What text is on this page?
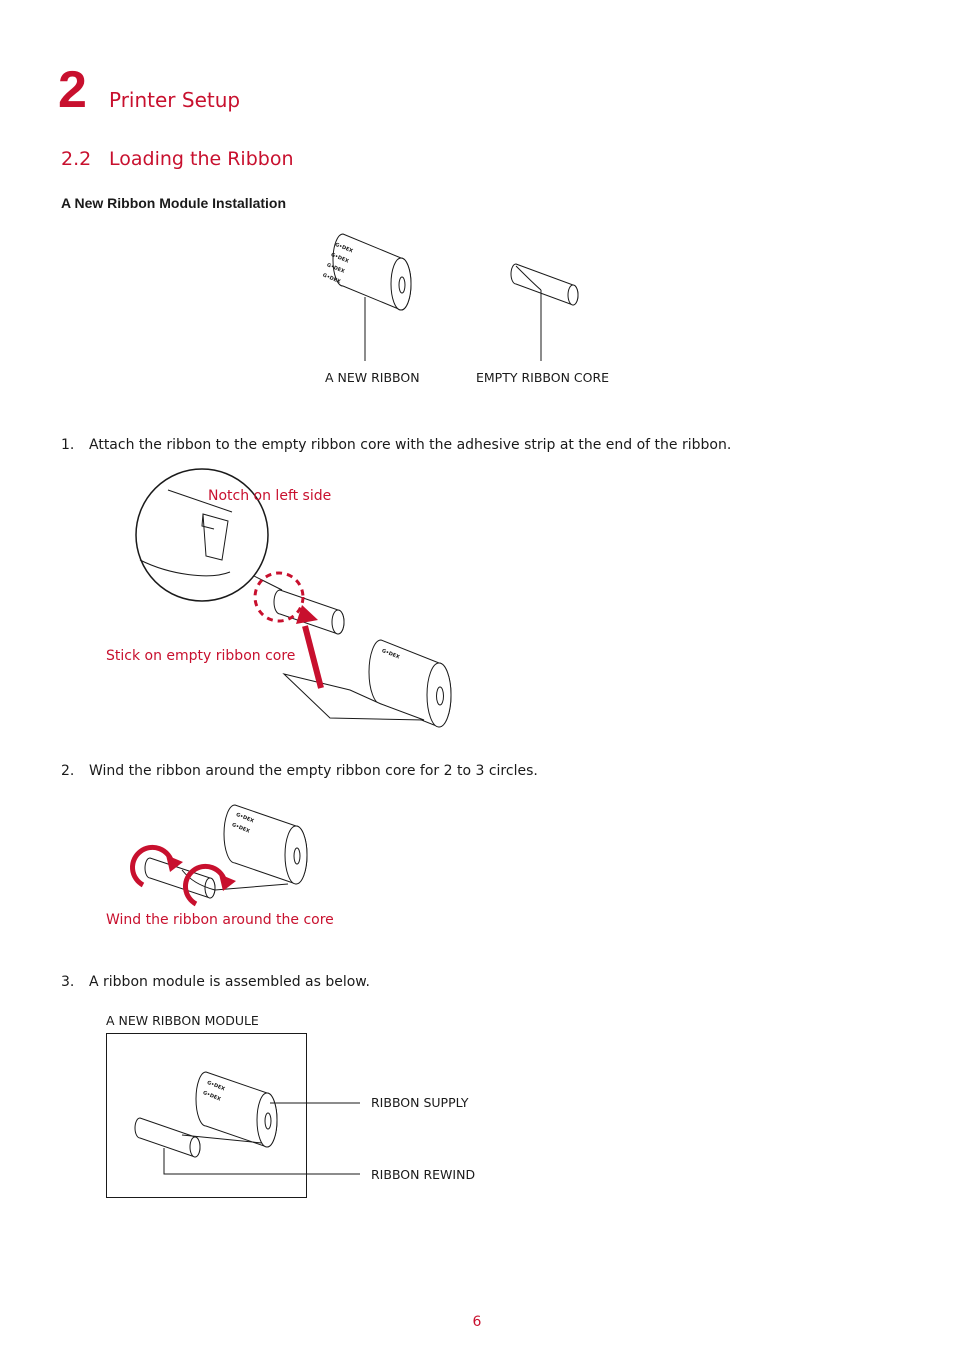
2 Printer Setup
2.2 Loading the Ribbon
A New Ribbon Module Installation
G•DEX
G•DEX
G•DEX
G•DEX
A NEW RIBBON	EMPTY RIBBON CORE
1. Attach the ribbon to the empty ribbon core with the adhesive strip at the end of the ribbon.
G•DEX
Notch on left side
Stick on empty ribbon core
2. Wind the ribbon around the empty ribbon core for 2 to 3 circles.
G•DEX
G•DEX
Wind the ribbon around the core
3. A ribbon module is assembled as below.
A NEW RIBBON MODULE
G•DEX
G•DEX	RIBBON SUPPLY
RIBBON REWIND
6
